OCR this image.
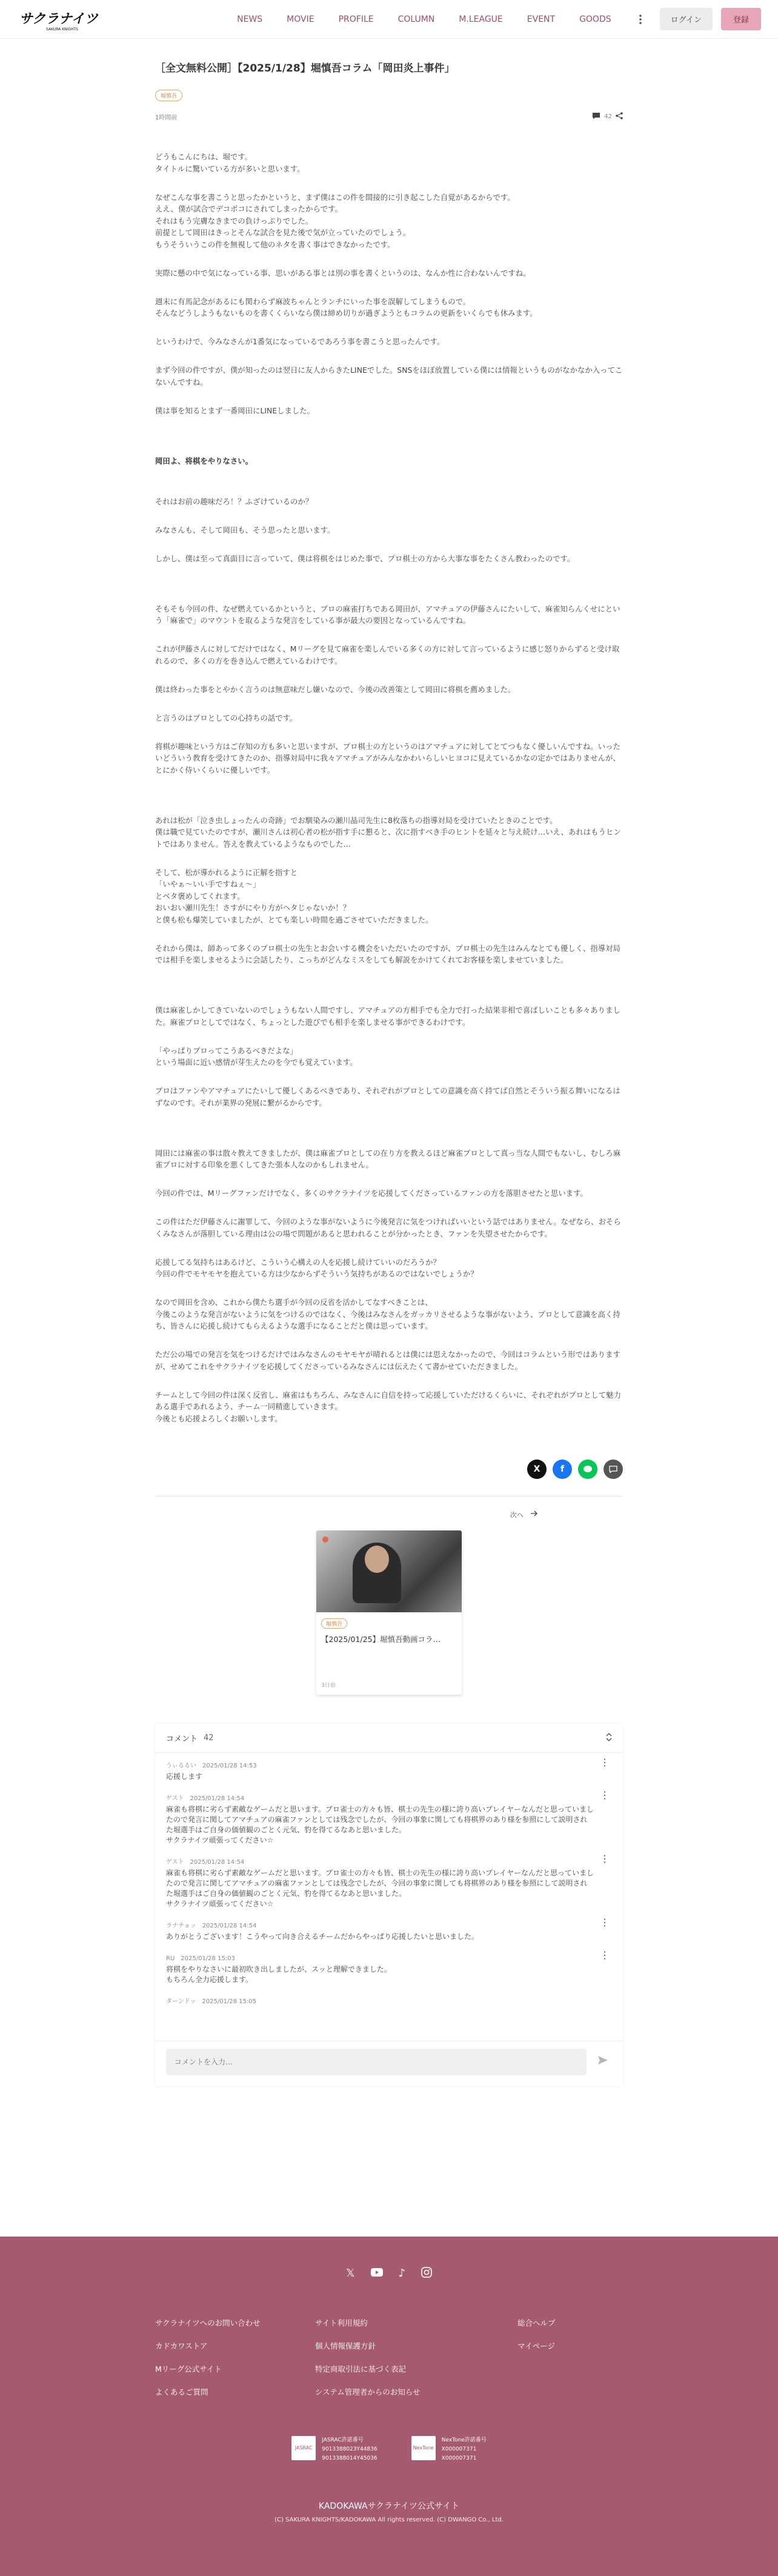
サクラナイツ
SAKURA KNIGHTS
NEWS	MOVIE	PROFILE	COLUMN	M.LEAGUE	EVENT	GOODS	ログイン	登録
［全文無料公開］【2025/1/28】堀慎吾コラム「岡田炎上事件」
堀慎吾
1時間前	42

どうもこんにちは、堀です。
タイトルに驚いている方が多いと思います。

なぜこんな事を書こうと思ったかというと、まず僕はこの件を間接的に引き起こした自覚があるからです。
ええ、僕が試合でデコボコにされてしまったからです。
それはもう完膚なきまでの負けっぷりでした。
前提として岡田はきっとそんな試合を見た後で気が立っていたのでしょう。
もうそういうこの件を無視して他のネタを書く事はできなかったです。

実際に懸の中で気になっている事、思いがある事とは別の事を書くというのは、なんか性に合わないんですね。

週末に有馬記念があるにも関わらず麻波ちゃんとランチにいった事を誤解してしまうもので。
そんなどうしようもないものを書くくらいなら僕は締め切りが過ぎようともコラムの更新をいくらでも休みます。

というわけで、今みなさんが1番気になっているであろう事を書こうと思ったんです。

まず今回の件ですが、僕が知ったのは翌日に友人からきたLINEでした。SNSをほぼ放置している僕には情報というものがなかなか入ってこないんですね。

僕は事を知るとまず一番岡田にLINEしました。

岡田よ、将棋をやりなさい。

それはお前の趣味だろ！？ふざけているのか？

みなさんも、そして岡田も、そう思ったと思います。

しかし、僕は至って真面目に言っていて、僕は将棋をはじめた事で、プロ棋士の方から大事な事をたくさん教わったのです。

そもそも今回の件、なぜ燃えているかというと、プロの麻雀打ちである岡田が、アマチュアの伊藤さんにたいして、麻雀知らんくせにという「麻雀で」のマウントを取るような発言をしている事が最大の要因となっているんですね。

これが伊藤さんに対してだけではなく、Mリーグを見て麻雀を楽しんでいる多くの方に対して言っているように感じ怒りからずると受け取れるので、多くの方を巻き込んで燃えているわけです。

僕は終わった事をとやかく言うのは無意味だし嫌いなので、今後の改善策として岡田に将棋を薦めました。

と言うのはプロとしての心持ちの話です。

将棋が趣味という方はご存知の方も多いと思いますが、プロ棋士の方というのはアマチュアに対してとてつもなく優しいんですね。いったいどういう教育を受けてきたのか、指導対局中に我々アマチュアがみんなかわいらしいヒヨコに見えているかなの定かではありませんが、とにかく侍いくらいに優しいです。

あれは松が「泣き虫しょったんの奇跡」でお馴染みの瀬川晶司先生に8枚落ちの指導対局を受けていたときのことです。
僕は職で見ていたのですが、瀬川さんは初心者の松が指す手に懇ると、次に指すべき手のヒントを延々と与え続け…いえ、あれはもうヒントではありません。答えを教えているようなものでした…

そして、松が導かれるように正解を指すと
「いやぁ〜いい手ですねぇ〜」
とベタ褒めしてくれます。
おいおい瀬川先生！さすがにやり方がヘタじゃないか！？
と僕も松も爆笑していましたが、とても楽しい時間を過ごさせていただきました。

それから僕は、師あって多くのプロ棋士の先生とお会いする機会をいただいたのですが、プロ棋士の先生はみんなとても優しく、指導対局では相手を楽しませるように会話したり、こっちがどんなミスをしても解説をかけてくれてお客様を楽しませていました。

僕は麻雀しかしてきていないのでしょうもない人間ですし、アマチュアの方相手でも全力で打った結果非相で喜ばしいことも多々ありました。麻雀プロとしてではなく、ちょっとした遊びでも相手を楽しませる事ができるわけです。

「やっぱりプロってこうあるべきだよな」
という場面に近い感情が芽生えたのを今でも覚えています。

プロはファンやアマチュアにたいして優しくあるべきであり、それぞれがプロとしての意識を高く持てば自然とそういう振る舞いになるはずなのです。それが業界の発展に繋がるからです。

岡田には麻雀の事は散々教えてきましたが、僕は麻雀プロとしての在り方を教えるほど麻雀プロとして真っ当な人間でもないし、むしろ麻雀プロに対する印象を悪くしてきた張本人なのかもしれません。

今回の件では、Mリーグファンだけでなく、多くのサクラナイツを応援してくださっているファンの方を落胆させたと思います。

この件はただ伊藤さんに謝罪して、今回のような事がないように今後発言に気をつければいいという話ではありません。なぜなら、おそらくみなさんが落胆している理由は公の場で問題があると思われることが分かったとき、ファンを失望させたからです。

応援してる気持ちはあるけど、こういう心構えの人を応援し続けていいのだろうか？
今回の件でモヤモヤを抱えている方は少なからずそういう気持ちがあるのではないでしょうか？

なので岡田を含め、これから僕たち選手が今回の反省を活かしてなすべきことは、
今後このような発言がないように気をつけるのではなく、今後はみなさんをガッカリさせるような事がないよう、プロとして意識を高く持ち、皆さんに応援し続けてもらえるような選手になることだと僕は思っています。

ただ公の場での発言を気をつけるだけではみなさんのモヤモヤが晴れるとは僕には思えなかったので、今回はコラムという形ではありますが、せめてこれをサクラナイツを応援してくださっているみなさんには伝えたくて書かせていただきました。

チームとして今回の件は深く反省し、麻雀はもちろん、みなさんに自信を持って応援していただけるくらいに、それぞれがプロとして魅力ある選手であれるよう、チーム一同精進していきます。
今後とも応援よろしくお願いします。

X	f
次へ
堀慎吾
【2025/01/25】堀慎吾動画コラ…
3日前
コメント 42
うぃるるい　2025/01/28 14:53
応援します
⋮
ゲスト　2025/01/28 14:54
麻雀も将棋に劣らず素敵なゲームだと思います。プロ雀士の方々も皆、棋士の先生の様に誇り高いプレイヤーなんだと思っていましたので発言に関してアマチュアの麻雀ファンとしては残念でしたが、今回の事象に関しても将棋界のあり様を参照にして説明された堀選手はご自身の価値観のごとく元気、豹を得てるなあと思いました。
サクラナイツ頑張ってください☆
⋮
ゲスト　2025/01/28 14:54
麻雀も将棋に劣らず素敵なゲームだと思います。プロ雀士の方々も皆、棋士の先生の様に誇り高いプレイヤーなんだと思っていましたので発言に関してアマチュアの麻雀ファンとしては残念でしたが、今回の事象に関しても将棋界のあり様を参照にして説明された堀選手はご自身の価値観のごとく元気、豹を得てるなあと思いました。
サクラナイツ頑張ってください☆
⋮
ラナチョッ　2025/01/28 14:54
ありがとうございます！こうやって向き合えるチームだからやっぱり応援したいと思いました。
⋮
RU　2025/01/28 15:03
将棋をやりなさいに最初吹き出しましたが、スッと理解できました。
もちろん全力応援します。
⋮
ターンドッ　2025/01/28 15:05
コメントを入力…
𝕏	♪
サクラナイツへのお問い合わせ	サイト利用規約	総合ヘルプ
カドカワストア	個人情報保護方針	マイページ
Mリーグ公式サイト	特定商取引法に基づく表記
よくあるご質問	システム管理者からのお知らせ
JASRAC
JASRAC許諾番号
9013388023Y44836
9013388014Y45036
NexTone
NexTone許諾番号
X000007371
X000007371
KADOKAWAサクラナイツ公式サイト
(C) SAKURA KNIGHTS/KADOKAWA All rights reserved. (C) DWANGO Co., Ltd.
